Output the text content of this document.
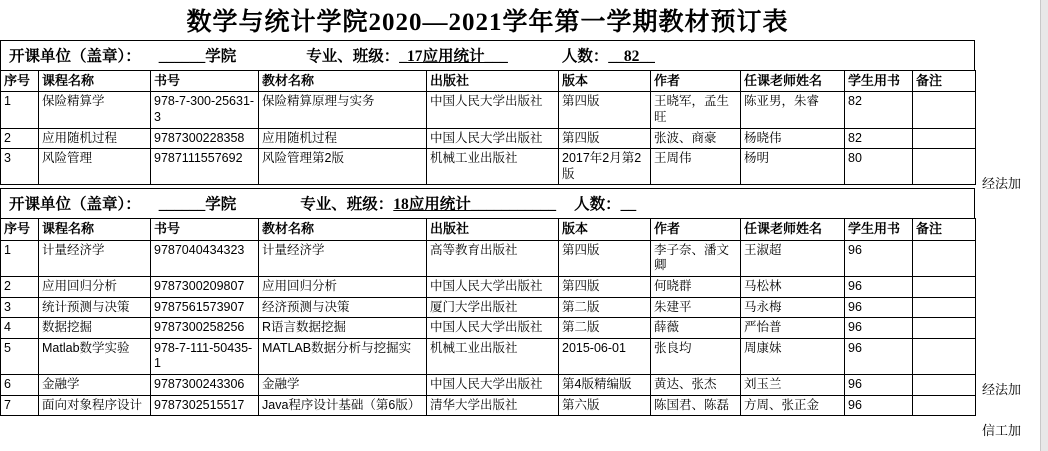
数学与统计学院2020—2021学年第一学期教材预订表
开课单位（盖章）： ______学院	专业、班级： _17应用统计___	人数： __82__
序号	课程名称	书号	教材名称	出版社	版本	作者	任课老师姓名	学生用书	备注
1	保险精算学	978-7-300-25631-3	保险精算原理与实务	中国人民大学出版社	第四版	王晓军，孟生旺	陈亚男，朱睿	82	
2	应用随机过程	9787300228358	应用随机过程	中国人民大学出版社	第四版	张波、商豪	杨晓伟	82	
3	风险管理	9787111557692	风险管理第2版	机械工业出版社	2017年2月第2版	王周伟	杨明	80	
开课单位（盖章）： ______学院	专业、班级： 18应用统计___________ 人数： __
序号	课程名称	书号	教材名称	出版社	版本	作者	任课老师姓名	学生用书	备注
1	计量经济学	9787040434323	计量经济学	高等教育出版社	第四版	李子奈、潘文卿	王淑超	96	
2	应用回归分析	9787300209807	应用回归分析	中国人民大学出版社	第四版	何晓群	马松林	96	
3	统计预测与决策	9787561573907	经济预测与决策	厦门大学出版社	第二版	朱建平	马永梅	96	
4	数据挖掘	9787300258256	R语言数据挖掘	中国人民大学出版社	第二版	薛薇	严怡普	96	
5	Matlab数学实验	978-7-111-50435-1	MATLAB数据分析与挖掘实	机械工业出版社	2015-06-01	张良均	周康妹	96	
6	金融学	9787300243306	金融学	中国人民大学出版社	第4版精编版	黄达、张杰	刘玉兰	96	
7	面向对象程序设计	9787302515517	Java程序设计基础（第6版）	清华大学出版社	第六版	陈国君、陈磊	方周、张正金	96	
经法加
经法加
信工加
